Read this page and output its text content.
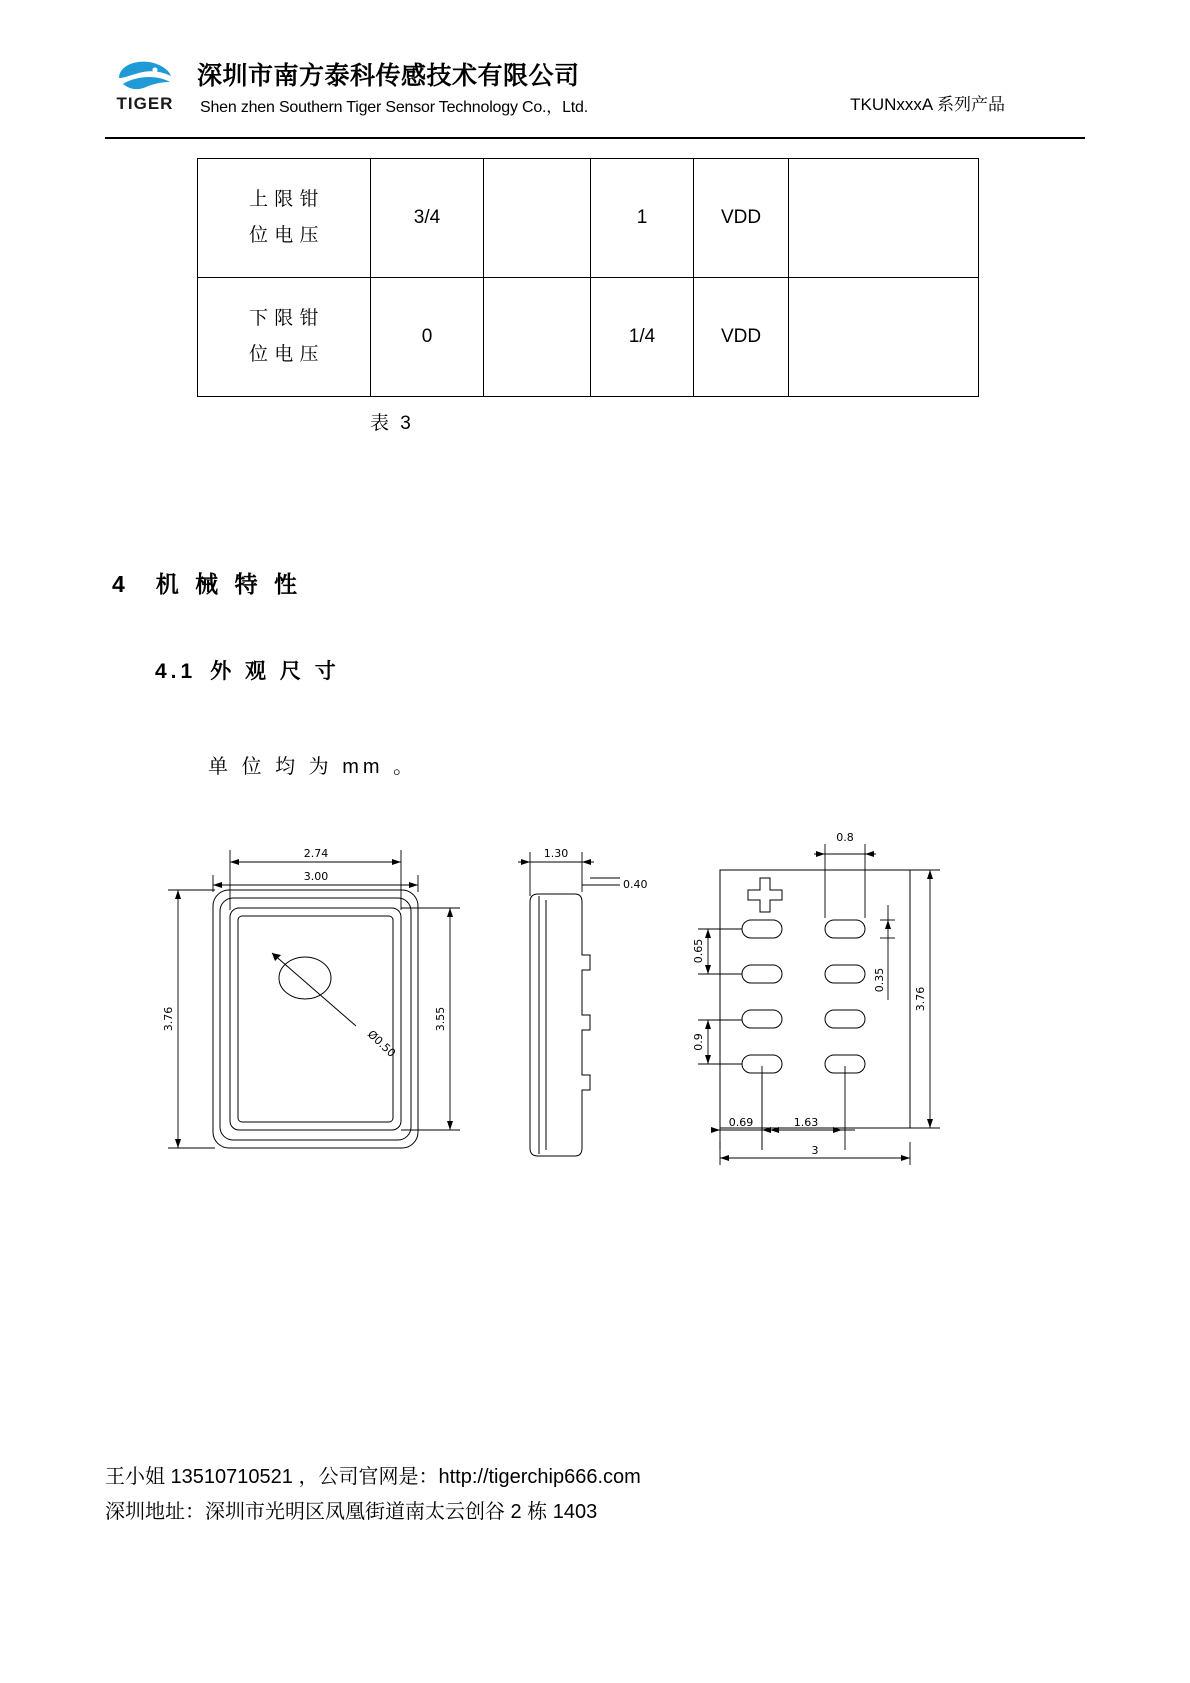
TIGER
深圳市南方泰科传感技术有限公司
Shen zhen Southern Tiger Sensor Technology Co.，Ltd.	TKUNxxxA 系列产品
上 限 钳
位 电 压	3/4		1	VDD	

下 限 钳
位 电 压	0		1/4	VDD	
表 3
4 机 械 特 性
4.1 外 观 尺 寸
单 位 均 为 mm 。
2.74
3.00
3.76	3.55
Ø0.50
1.30
0.40
0.8
0.65
0.9
0.35
3.76
0.69	1.63
3
王小姐 13510710521 ，公司官网是：http://tigerchip666.com
深圳地址：深圳市光明区凤凰街道南太云创谷 2 栋 1403
